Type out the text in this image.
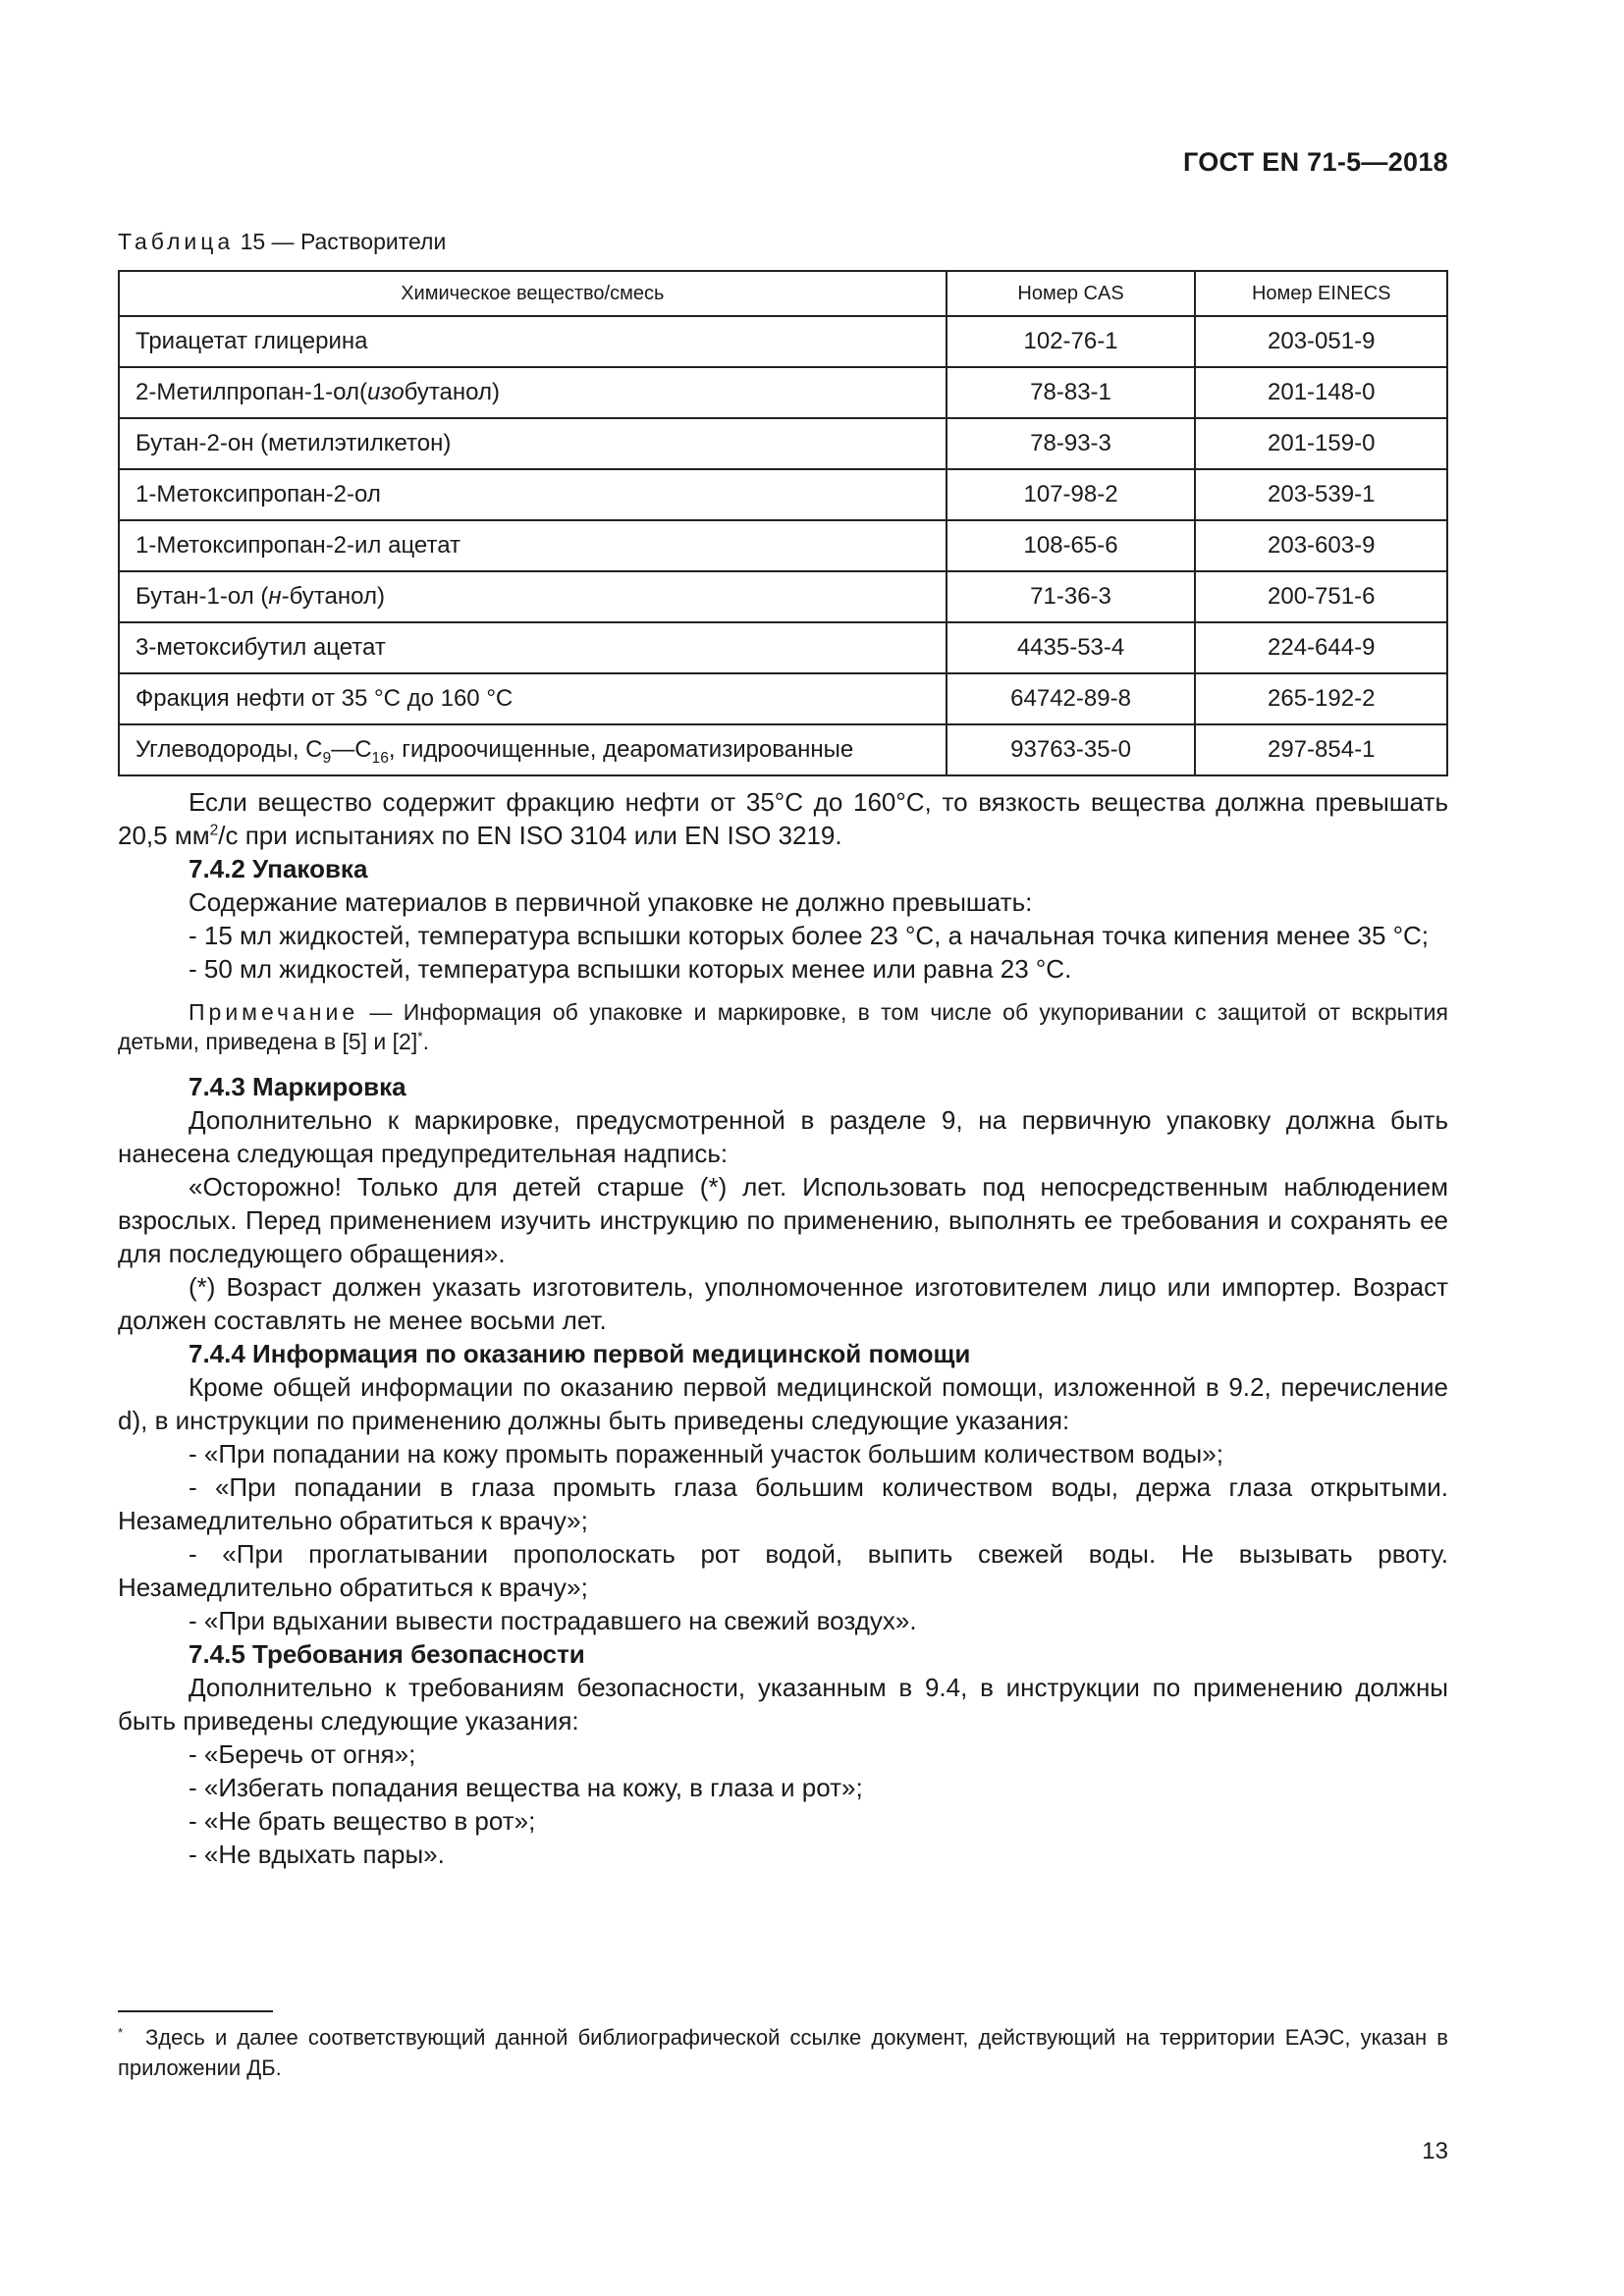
ГОСТ EN 71-5—2018
Таблица 15 — Растворители
Химическое вещество/смесь	Номер CAS	Номер EINECS
Триацетат глицерина	102-76-1	203-051-9
2-Метилпропан-1-ол(изобутанол)	78-83-1	201-148-0
Бутан-2-он (метилэтилкетон)	78-93-3	201-159-0
1-Метоксипропан-2-ол	107-98-2	203-539-1
1-Метоксипропан-2-ил ацетат	108-65-6	203-603-9
Бутан-1-ол (н-бутанол)	71-36-3	200-751-6
3-метоксибутил ацетат	4435-53-4	224-644-9
Фракция нефти от 35 °С до 160 °С	64742-89-8	265-192-2
Углеводороды, $С_9—С_{16}$, гидроочищенные, деароматизированные	93763-35-0	297-854-1

Если вещество содержит фракцию нефти от 35°С до 160°С, то вязкость вещества должна превышать 20,5 $мм^2/с$ при испытаниях по EN ISO 3104 или EN ISO 3219.

7.4.2 Упаковка

Содержание материалов в первичной упаковке не должно превышать:

- 15 мл жидкостей, температура вспышки которых более 23 °С, а начальная точка кипения менее 35 °С;

- 50 мл жидкостей, температура вспышки которых менее или равна 23 °С.

Примечание — Информация об упаковке и маркировке, в том числе об укупоривании с защитой от вскрытия детьми, приведена в [5] и [2]*.

7.4.3 Маркировка

Дополнительно к маркировке, предусмотренной в разделе 9, на первичную упаковку должна быть нанесена следующая предупредительная надпись:

«Осторожно! Только для детей старше (*) лет. Использовать под непосредственным наблюдением взрослых. Перед применением изучить инструкцию по применению, выполнять ее требования и сохранять ее для последующего обращения».

(*) Возраст должен указать изготовитель, уполномоченное изготовителем лицо или импортер. Возраст должен составлять не менее восьми лет.

7.4.4 Информация по оказанию первой медицинской помощи

Кроме общей информации по оказанию первой медицинской помощи, изложенной в 9.2, перечисление d), в инструкции по применению должны быть приведены следующие указания:

- «При попадании на кожу промыть пораженный участок большим количеством воды»;

- «При попадании в глаза промыть глаза большим количеством воды, держа глаза открытыми. Незамедлительно обратиться к врачу»;

- «При проглатывании прополоскать рот водой, выпить свежей воды. Не вызывать рвоту. Незамедлительно обратиться к врачу»;

- «При вдыхании вывести пострадавшего на свежий воздух».

7.4.5 Требования безопасности

Дополнительно к требованиям безопасности, указанным в 9.4, в инструкции по применению должны быть приведены следующие указания:

- «Беречь от огня»;

- «Избегать попадания вещества на кожу, в глаза и рот»;

- «Не брать вещество в рот»;

- «Не вдыхать пары».

* Здесь и далее соответствующий данной библиографической ссылке документ, действующий на территории ЕАЭС, указан в приложении ДБ.
13
